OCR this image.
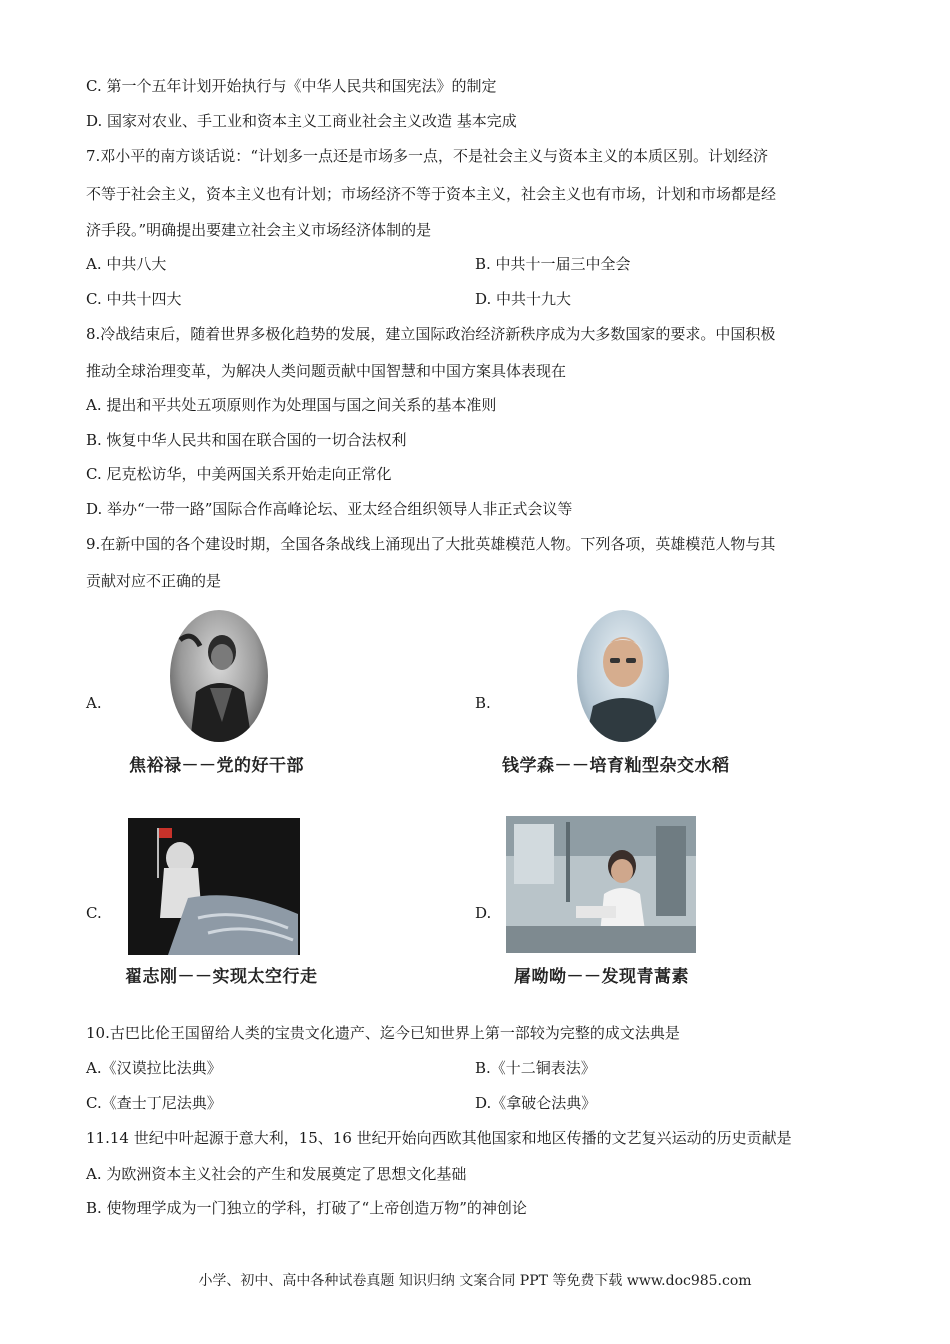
C. 第一个五年计划开始执行与《中华人民共和国宪法》的制定
D. 国家对农业、手工业和资本主义工商业社会主义改造 基本完成
7.邓小平的南方谈话说：“计划多一点还是市场多一点，不是社会主义与资本主义的本质区别。计划经济
不等于社会主义，资本主义也有计划；市场经济不等于资本主义，社会主义也有市场，计划和市场都是经
济手段。”明确提出要建立社会主义市场经济体制的是
A. 中共八大	B. 中共十一届三中全会
C. 中共十四大	D. 中共十九大
8.冷战结束后，随着世界多极化趋势的发展，建立国际政治经济新秩序成为大多数国家的要求。中国积极
推动全球治理变革，为解决人类问题贡献中国智慧和中国方案具体表现在
A. 提出和平共处五项原则作为处理国与国之间关系的基本准则
B. 恢复中华人民共和国在联合国的一切合法权利
C. 尼克松访华，中美两国关系开始走向正常化
D. 举办“一带一路”国际合作高峰论坛、亚太经合组织领导人非正式会议等
9.在新中国的各个建设时期，全国各条战线上涌现出了大批英雄模范人物。下列各项，英雄模范人物与其
贡献对应不正确的是
A.
焦裕禄－－党的好干部
B.
钱学森－－培育籼型杂交水稻
C.
翟志刚－－实现太空行走
D.
屠呦呦－－发现青蒿素
10.古巴比伦王国留给人类的宝贵文化遗产、迄今已知世界上第一部较为完整的成文法典是
A.《汉谟拉比法典》	B.《十二铜表法》
C.《查士丁尼法典》	D.《拿破仑法典》
11.14 世纪中叶起源于意大利，15、16 世纪开始向西欧其他国家和地区传播的文艺复兴运动的历史贡献是
A. 为欧洲资本主义社会的产生和发展奠定了思想文化基础
B. 使物理学成为一门独立的学科，打破了“上帝创造万物”的神创论
小学、初中、高中各种试卷真题 知识归纳 文案合同 PPT 等免费下载 www.doc985.com
